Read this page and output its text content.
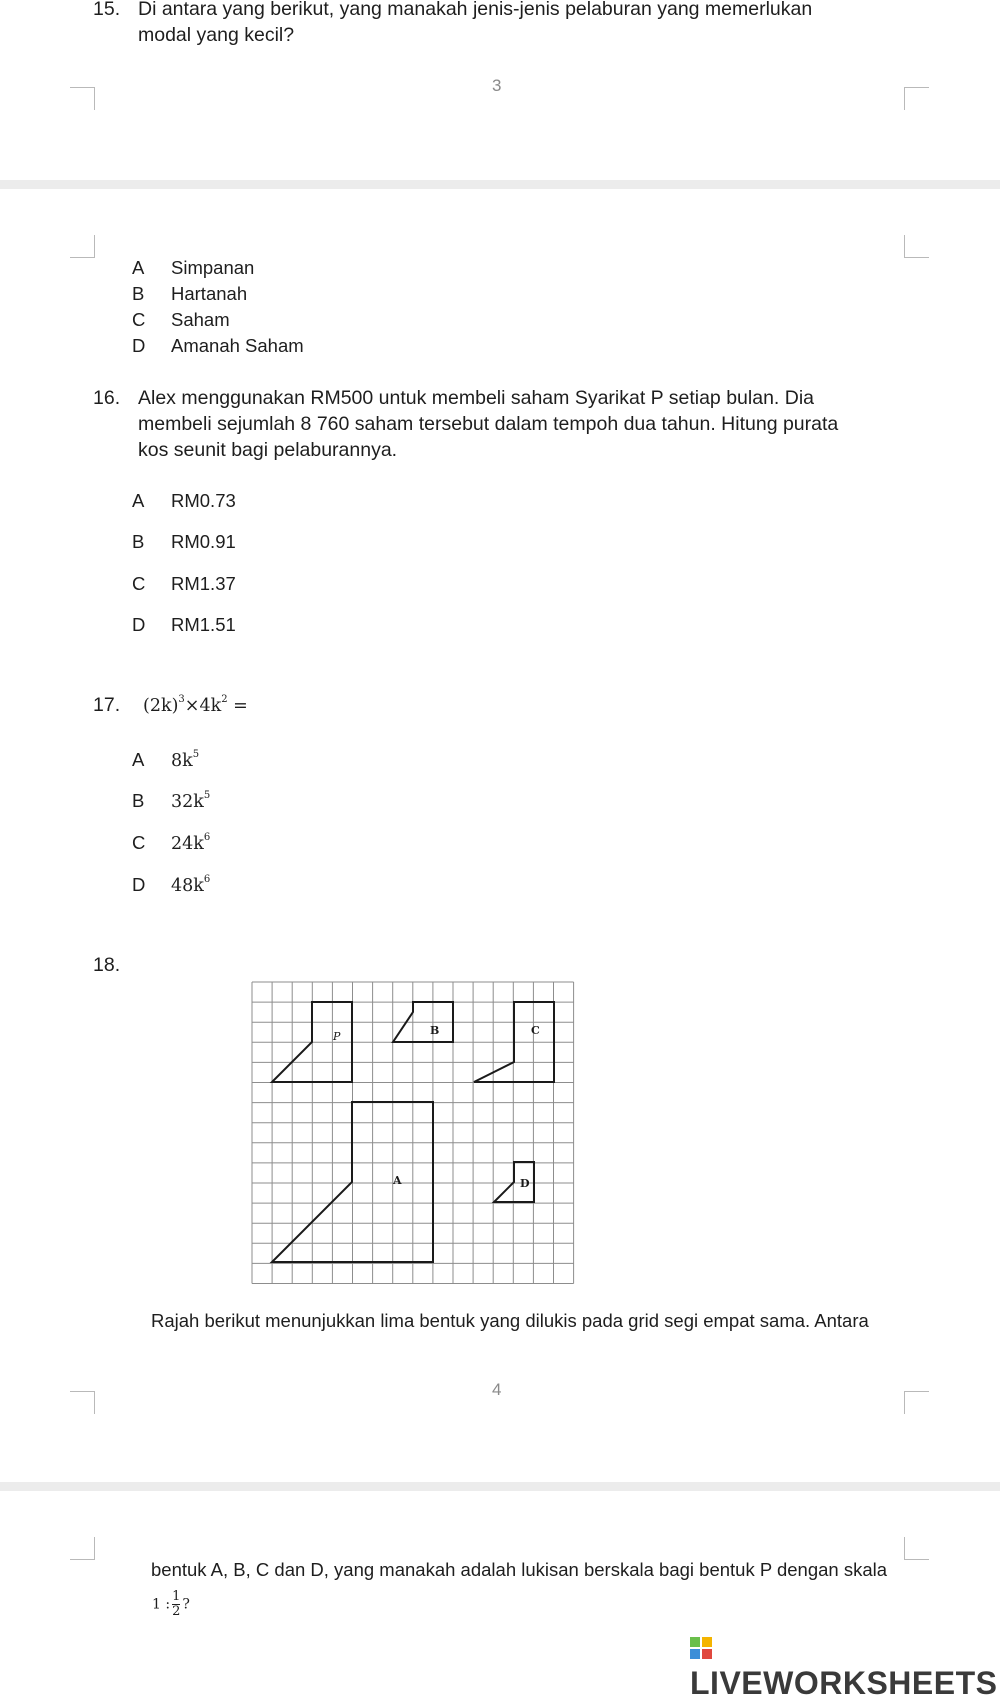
15. Di antara yang berikut, yang manakah jenis-jenis pelaburan yang memerlukan
modal yang kecil?
3
A Simpanan
B Hartanah
C Saham
D Amanah Saham
16. Alex menggunakan RM500 untuk membeli saham Syarikat P setiap bulan. Dia
membeli sejumlah 8 760 saham tersebut dalam tempoh dua tahun. Hitung purata
kos seunit bagi pelaburannya.
A RM0.73
B RM0.91
C RM1.37
D RM1.51
17. $(2k)^3\times 4k^2$ =
A $8k^5$
B $32k^5$
C $24k^6$
D $48k^6$
18.
P	B	C
A	D
Rajah berikut menunjukkan lima bentuk yang dilukis pada grid segi empat sama. Antara
4
bentuk A, B, C dan D, yang manakah adalah lukisan berskala bagi bentuk P dengan skala
1 : $\frac{1}{2}$ ?
LIVEWORKSHEETS
